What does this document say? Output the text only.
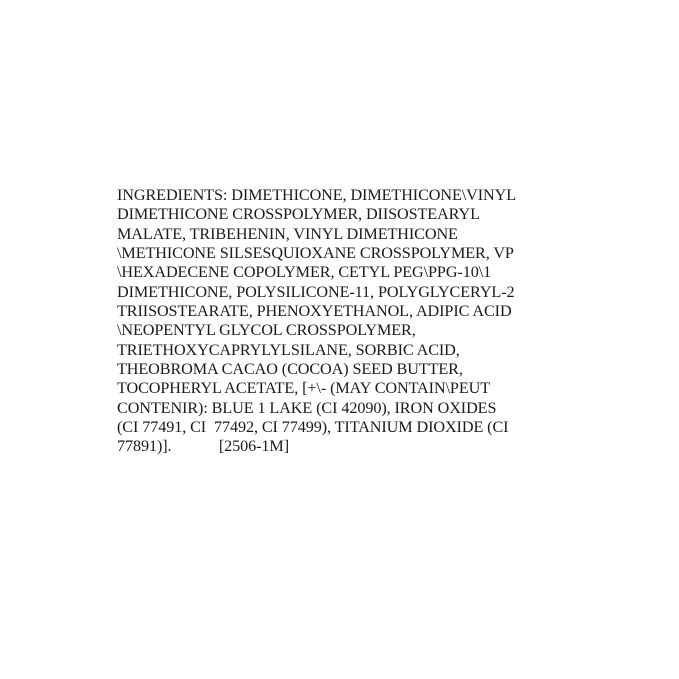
INGREDIENTS: DIMETHICONE, DIMETHICONE\VINYL
DIMETHICONE CROSSPOLYMER, DIISOSTEARYL
MALATE, TRIBEHENIN, VINYL DIMETHICONE
\METHICONE SILSESQUIOXANE CROSSPOLYMER, VP
\HEXADECENE COPOLYMER, CETYL PEG\PPG-10\1
DIMETHICONE, POLYSILICONE-11, POLYGLYCERYL-2
TRIISOSTEARATE, PHENOXYETHANOL, ADIPIC ACID
\NEOPENTYL GLYCOL CROSSPOLYMER,
TRIETHOXYCAPRYLYLSILANE, SORBIC ACID,
THEOBROMA CACAO (COCOA) SEED BUTTER,
TOCOPHERYL ACETATE, [+\- (MAY CONTAIN\PEUT
CONTENIR): BLUE 1 LAKE (CI 42090), IRON OXIDES
(CI 77491, CI  77492, CI 77499), TITANIUM DIOXIDE (CI
77891)].            [2506-1M]
